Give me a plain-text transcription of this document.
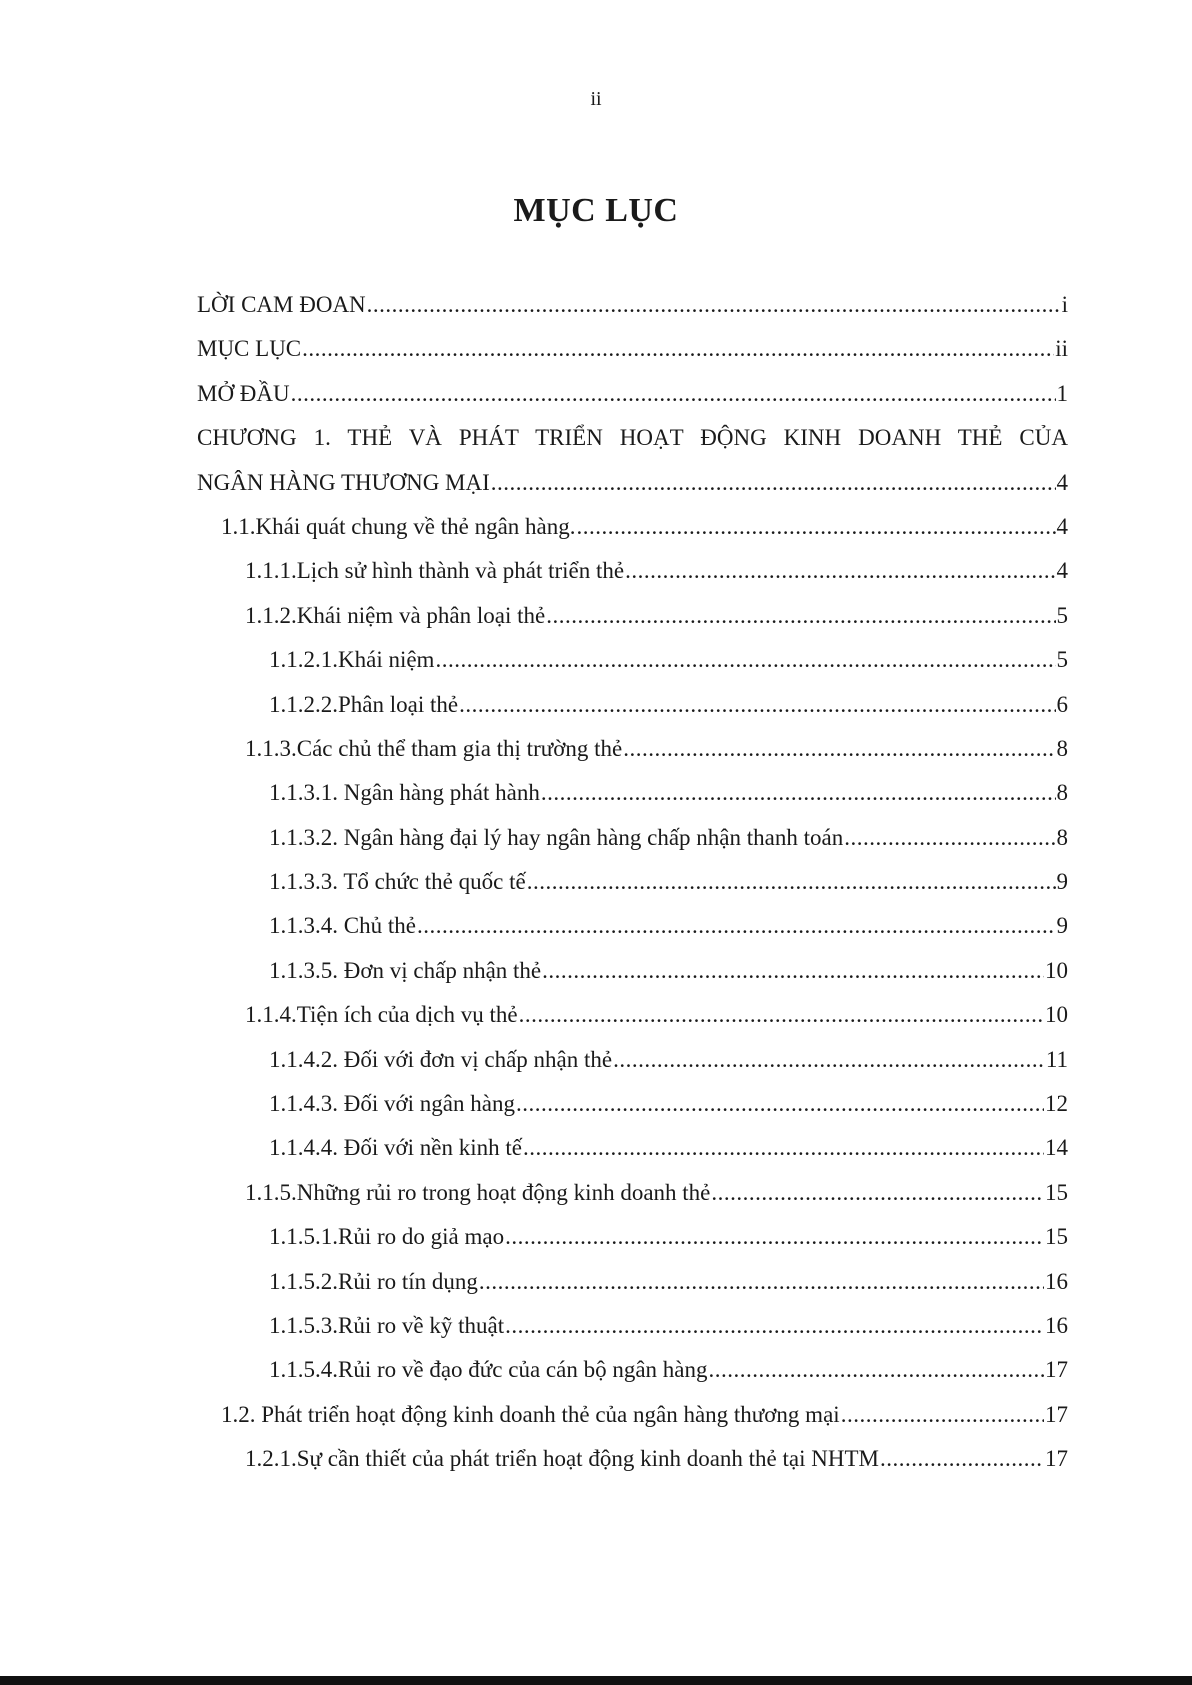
ii
MỤC LỤC
LỜI CAM ĐOAN .....	i
MỤC LỤC .....	ii
MỞ ĐẦU .....	1
CHƯƠNG 1. THẺ VÀ PHÁT TRIỂN HOẠT ĐỘNG KINH DOANH THẺ CỦA
NGÂN HÀNG THƯƠNG MẠI .....	4
1.1.Khái quát chung về thẻ ngân hàng. .....	4
1.1.1.Lịch sử hình thành và phát triển thẻ .....	4
1.1.2.Khái niệm và phân loại thẻ .....	5
1.1.2.1.Khái niệm .....	5
1.1.2.2.Phân loại thẻ .....	6
1.1.3.Các chủ thể tham gia thị trường thẻ .....	8
1.1.3.1. Ngân hàng phát hành .....	8
1.1.3.2. Ngân hàng đại lý hay ngân hàng chấp nhận thanh toán .....	8
1.1.3.3. Tổ chức thẻ quốc tế .....	9
1.1.3.4. Chủ thẻ .....	9
1.1.3.5. Đơn vị chấp nhận thẻ .....	10
1.1.4.Tiện ích của dịch vụ thẻ .....	10
1.1.4.2. Đối với đơn vị chấp nhận thẻ .....	11
1.1.4.3. Đối với ngân hàng .....	12
1.1.4.4. Đối với nền kinh tế .....	14
1.1.5.Những rủi ro trong hoạt động kinh doanh thẻ .....	15
1.1.5.1.Rủi ro do giả mạo .....	15
1.1.5.2.Rủi ro tín dụng .....	16
1.1.5.3.Rủi ro về kỹ thuật .....	16
1.1.5.4.Rủi ro về đạo đức của cán bộ ngân hàng .....	17
1.2. Phát triển hoạt động kinh doanh thẻ của ngân hàng thương mại .....	17
1.2.1.Sự cần thiết của phát triển hoạt động kinh doanh thẻ tại NHTM .....	17
